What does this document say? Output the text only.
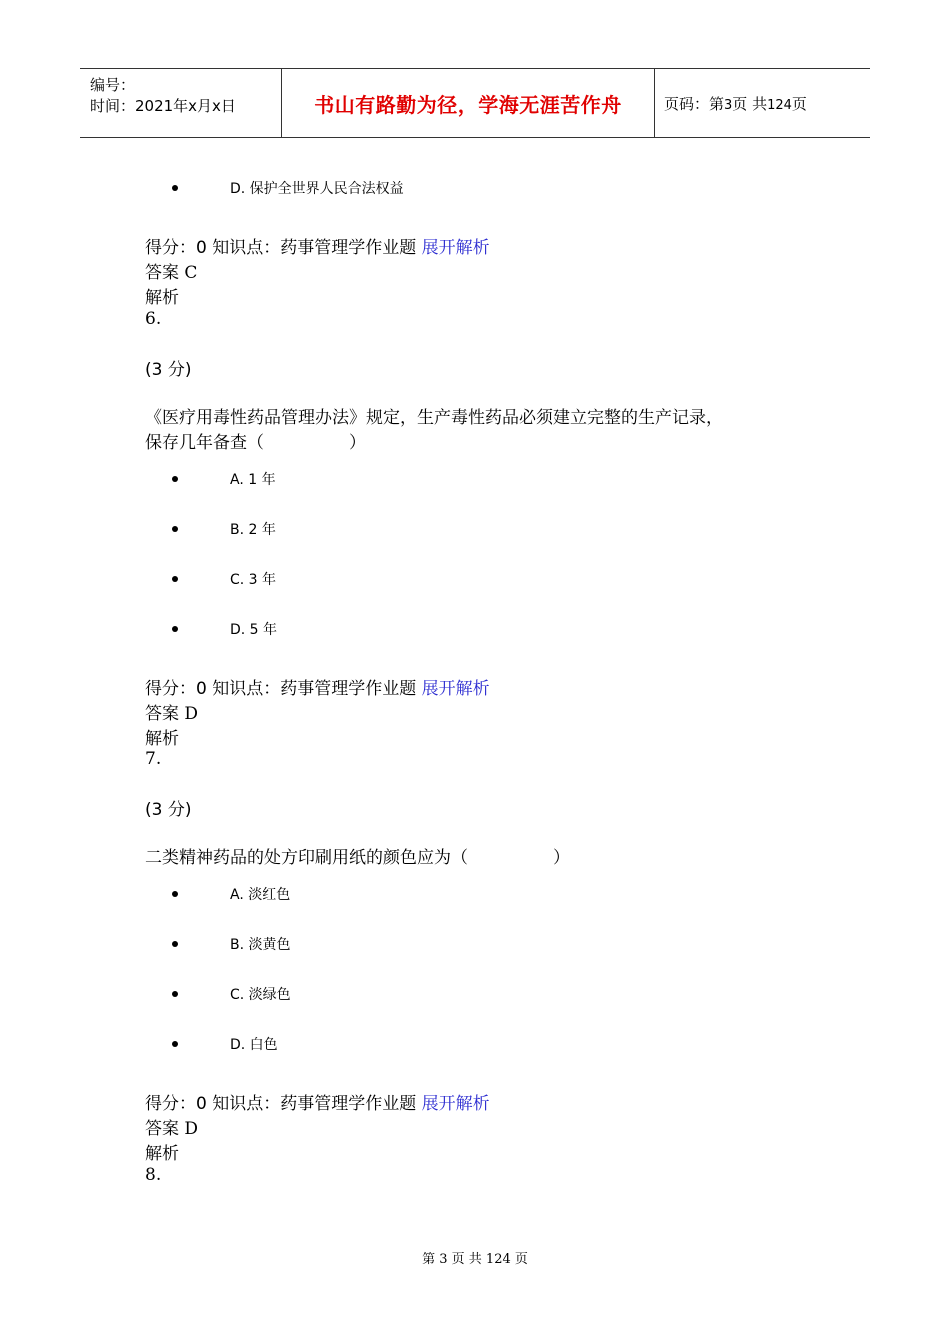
编号：
时间：2021年x月x日	书山有路勤为径，学海无涯苦作舟	页码：第3页 共124页
D. 保护全世界人民合法权益
得分：0 知识点：药事管理学作业题 展开解析
答案 C
解析
6.
(3 分)
《医疗用毒性药品管理办法》规定，生产毒性药品必须建立完整的生产记录，
保存几年备查（　　　　　）
A. 1 年
B. 2 年
C. 3 年
D. 5 年
得分：0 知识点：药事管理学作业题 展开解析
答案 D
解析
7.
(3 分)
二类精神药品的处方印刷用纸的颜色应为（　　　　　）
A. 淡红色
B. 淡黄色
C. 淡绿色
D. 白色
得分：0 知识点：药事管理学作业题 展开解析
答案 D
解析
8.
第 3 页 共 124 页
